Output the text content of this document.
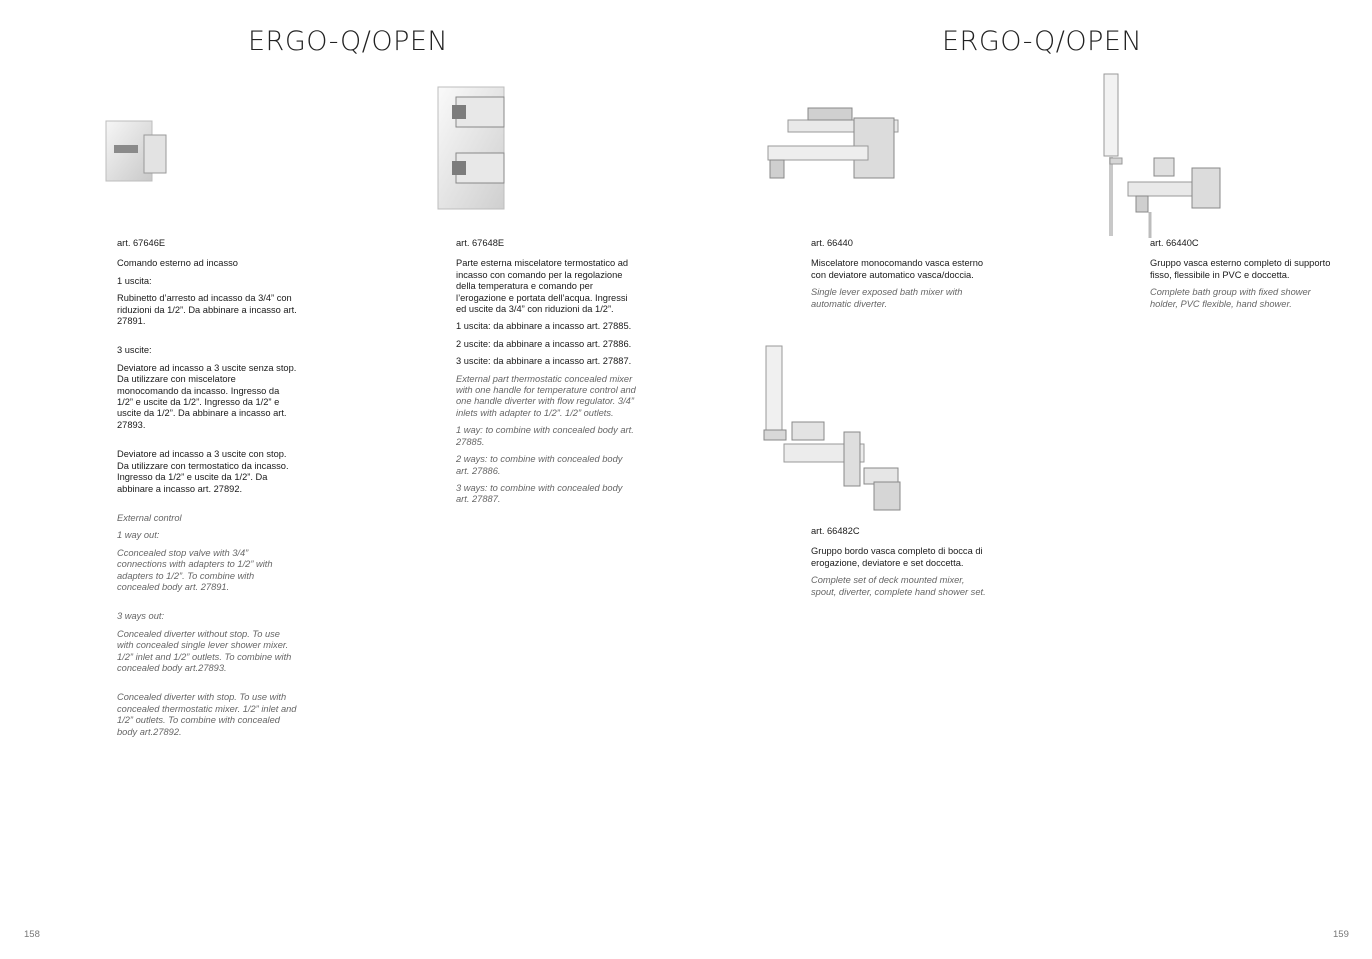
ERGO-Q/OPEN	ERGO-Q/OPEN

art. 67646E

Comando esterno ad incasso

1 uscita:

Rubinetto d’arresto ad incasso da 3/4” con riduzioni da 1/2”. Da abbinare a incasso art. 27891.

3 uscite:

Deviatore ad incasso a 3 uscite senza stop. Da utilizzare con miscelatore monocomando da incasso. Ingresso da 1/2” e uscite da 1/2”. Ingresso da 1/2” e uscite da 1/2”. Da abbinare a incasso art. 27893.

Deviatore ad incasso a 3 uscite con stop. Da utilizzare con termostatico da incasso. Ingresso da 1/2” e uscite da 1/2”. Da abbinare a incasso art. 27892.

External control

1 way out:

Cconcealed stop valve with 3/4” connections with adapters to 1/2” with adapters to 1/2”. To combine with concealed body art. 27891.

3 ways out:

Concealed diverter without stop. To use with concealed single lever shower mixer. 1/2” inlet and 1/2” outlets. To combine with concealed body art.27893.

Concealed diverter with stop. To use with concealed thermostatic mixer. 1/2” inlet and 1/2” outlets. To combine with concealed body art.27892.

art. 67648E

Parte esterna miscelatore termostatico ad incasso con comando per la regolazione della temperatura e comando per l’erogazione e portata dell’acqua. Ingressi ed uscite da 3/4” con riduzioni da 1/2”.

1 uscita: da abbinare a incasso art. 27885.

2 uscite: da abbinare a incasso art. 27886.

3 uscite: da abbinare a incasso art. 27887.

External part thermostatic concealed mixer with one handle for temperature control and one handle diverter with flow regulator. 3/4” inlets with adapter to 1/2”. 1/2” outlets.

1 way: to combine with concealed body art. 27885.

2 ways: to combine with concealed body art. 27886.

3 ways: to combine with concealed body art. 27887.

art. 66440

Miscelatore monocomando vasca esterno con deviatore automatico vasca/doccia.

Single lever exposed bath mixer with automatic diverter.

art. 66440C

Gruppo vasca esterno completo di supporto fisso, flessibile in PVC e doccetta.

Complete bath group with fixed shower holder, PVC flexible, hand shower.

art. 66482C

Gruppo bordo vasca completo di bocca di erogazione, deviatore e set doccetta.

Complete set of deck mounted mixer, spout, diverter, complete hand shower set.

158	159
